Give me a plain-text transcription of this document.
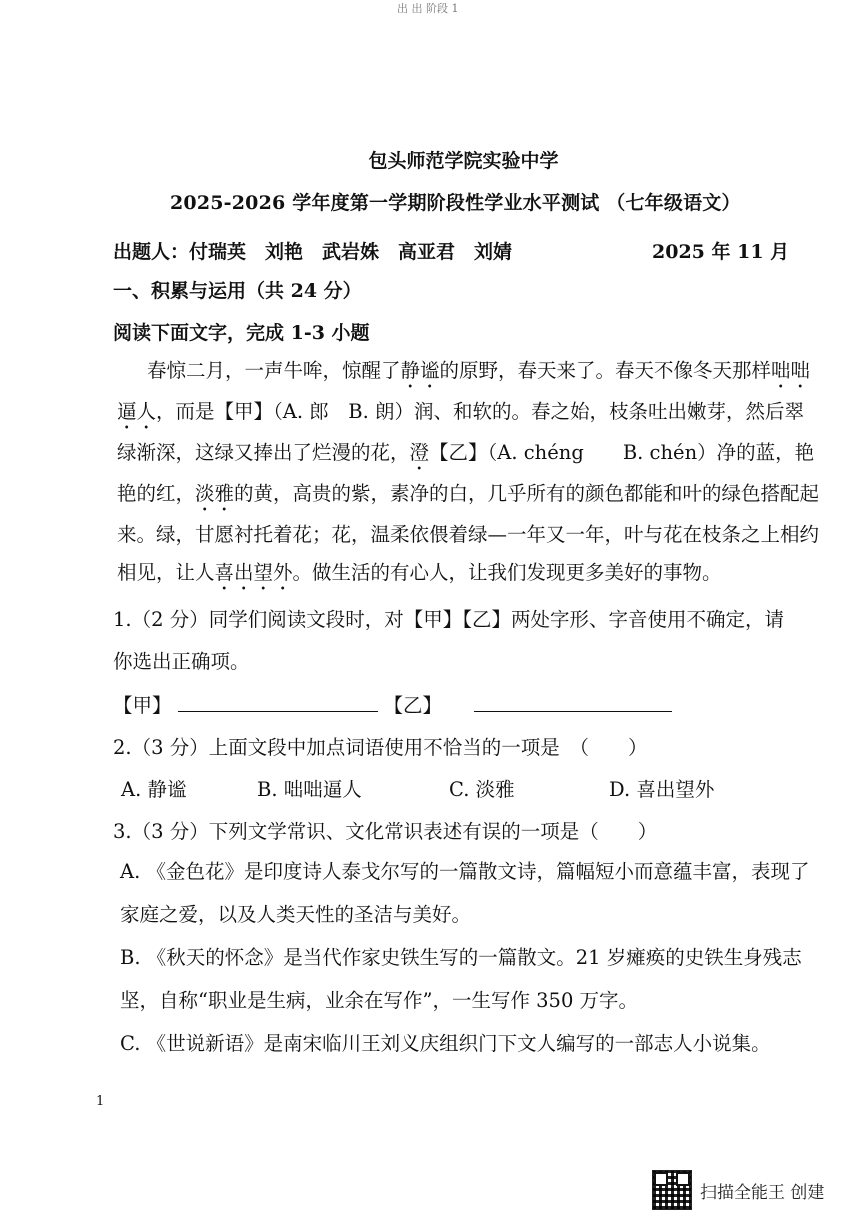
出 出 阶段 1
包头师范学院实验中学
2025-2026 学年度第一学期阶段性学业水平测试 （七年级语文）
出题人：付瑞英　刘艳　武岩姝　高亚君　刘婧	2025 年 11 月
一、积累与运用（共 24 分）
阅读下面文字，完成 1-3 小题
春惊二月，一声牛哞，惊醒了静谧的原野，春天来了。春天不像冬天那样咄咄逼人，而是【甲】（A. 郎　B. 朗）润、和软的。春之始，枝条吐出嫩芽，然后翠绿渐深，这绿又捧出了烂漫的花，澄【乙】（A. chéng　　B. chén）净的蓝，艳艳的红，淡雅的黄，高贵的紫，素净的白，几乎所有的颜色都能和叶的绿色搭配起来。绿，甘愿衬托着花；花，温柔依偎着绿—一年又一年，叶与花在枝条之上相约相见，让人喜出望外。做生活的有心人，让我们发现更多美好的事物。
1.（2 分）同学们阅读文段时，对【甲】【乙】两处字形、字音使用不确定，请
你选出正确项。
【甲】	【乙】
2.（3 分）上面文段中加点词语使用不恰当的一项是　（　　）
A. 静谧	B. 咄咄逼人	C. 淡雅	D. 喜出望外
3.（3 分）下列文学常识、文化常识表述有误的一项是（　　）
A. 《金色花》是印度诗人泰戈尔写的一篇散文诗，篇幅短小而意蕴丰富，表现了家庭之爱，以及人类天性的圣洁与美好。
B. 《秋天的怀念》是当代作家史铁生写的一篇散文。21 岁瘫痪的史铁生身残志坚，自称“职业是生病，业余在写作”，一生写作 350 万字。
C. 《世说新语》是南宋临川王刘义庆组织门下文人编写的一部志人小说集。
1
扫描全能王 创建
